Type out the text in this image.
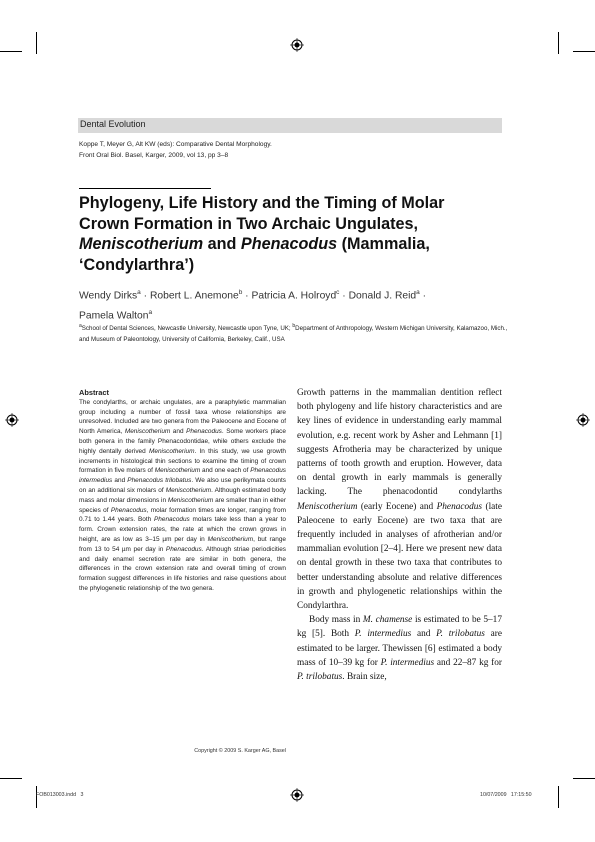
Dental Evolution
Koppe T, Meyer G, Alt KW (eds): Comparative Dental Morphology.
Front Oral Biol. Basel, Karger, 2009, vol 13, pp 3–8
Phylogeny, Life History and the Timing of Molar
Crown Formation in Two Archaic Ungulates,
Meniscotherium and Phenacodus (Mammalia,
‘Condylarthra’)
Wendy Dirks$^a$ · Robert L. Anemone$^b$ · Patricia A. Holroyd$^c$ · Donald J. Reid$^a$ ·
Pamela Walton$^a$
$^a$School of Dental Sciences, Newcastle University, Newcastle upon Tyne, UK; $^b$Department of Anthropology, Western Michigan University, Kalamazoo, Mich., and Museum of Paleontology, University of California, Berkeley, Calif., USA
Abstract
The condylarths, or archaic ungulates, are a paraphyletic mammalian group including a number of fossil taxa whose relationships are unresolved. Included are two genera from the Paleocene and Eocene of North America, Meniscotherium and Phenacodus. Some workers place both genera in the family Phenacodontidae, while others exclude the highly dentally derived Meniscotherium. In this study, we use growth increments in histological thin sections to examine the timing of crown formation in five molars of Meniscotherium and one each of Phenacodus intermedius and Phenacodus trilobatus. We also use perikymata counts on an additional six molars of Meniscotherium. Although estimated body mass and molar dimensions in Meniscotherium are smaller than in either species of Phenacodus, molar formation times are longer, ranging from 0.71 to 1.44 years. Both Phenacodus molars take less than a year to form. Crown extension rates, the rate at which the crown grows in height, are as low as 3–15 µm per day in Meniscotherium, but range from 13 to 54 µm per day in Phenacodus. Although striae periodicities and daily enamel secretion rate are similar in both genera, the differences in the crown extension rate and overall timing of crown formation suggest differences in life histories and raise questions about the phylogenetic relationship of the two genera.
Copyright © 2009 S. Karger AG, Basel

Growth patterns in the mammalian dentition reflect both phylogeny and life history characteristics and are key lines of evidence in understanding early mammal evolution, e.g. recent work by Asher and Lehmann [1] suggests Afrotheria may be characterized by unique patterns of tooth growth and eruption. However, data on dental growth in early mammals is generally lacking. The phenacodontid condylarths Meniscotherium (early Eocene) and Phenacodus (late Paleocene to early Eocene) are two taxa that are frequently included in analyses of afrotherian and/or mammalian evolution [2–4]. Here we present new data on dental growth in these two taxa that contributes to better understanding absolute and relative differences in growth and phylogenetic relationships within the Condylarthra.

Body mass in M. chamense is estimated to be 5–17 kg [5]. Both P. intermedius and P. trilobatus are estimated to be larger. Thewissen [6] estimated a body mass of 10–39 kg for P. intermedius and 22–87 kg for P. trilobatus. Brain size,

FOB013003.indd   3	10/07/2009   17:15:50
